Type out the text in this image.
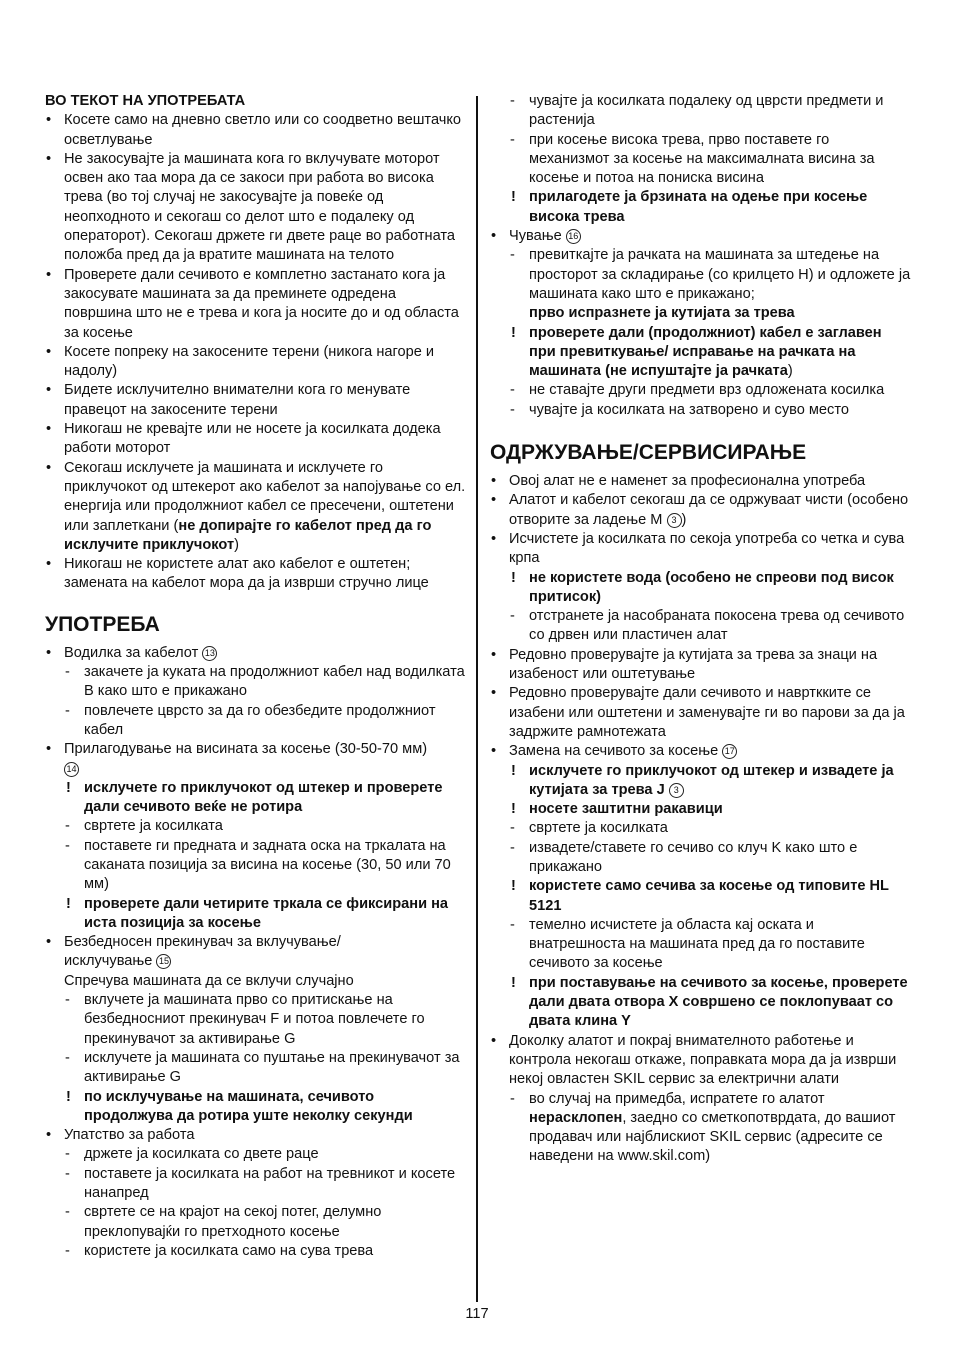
ВО ТЕКОТ НА УПОТРЕБАТА
• Косете само на дневно светло или со соодветно вештачко осветлување
• Не закосувајте ја машината кога го вклучувате моторот освен ако таа мора да се закоси при работа во висока трева (во тој случај не закосувајте ја повеќе од неопходното и секогаш со делот што е подалеку од операторот). Секогаш држете ги двете раце во работната положба пред да ја вратите машината на телото
• Проверете дали сечивото е комплетно застанато кога ја закосувате машината за да преминете одредена површина што не е трева и кога ја носите до и од областа за косење
• Косете попреку на закосените терени (никога нагоре и надолу)
• Бидете исклучително внимателни кога го менувате правецот на закосените терени
• Никогаш не кревајте или не носете ја косилката додека работи моторот
• Секогаш исклучете ја машината и исклучете го приклучокот од штекерот ако кабелот за напојување со ел. енергија или продолжниот кабел се пресечени, оштетени или заплеткани (не допирајте го кабелот пред да го исклучите приклучокот)
• Никогаш не користете алат ако кабелот е оштетен; замената на кабелот мора да ја изврши стручно лице
УПОТРЕБА
• Водилка за кабелот 13
- закачете ја куката на продолжниот кабел над водилката B како што е прикажано
- повлечете цврсто за да го обезбедите продолжниот кабел
• Прилагодување на висината за косење (30-50-70 мм)
14
! исклучете го приклучокот од штекер и проверете дали сечивото веќе не ротира
- свртете ја косилката
- поставете ги предната и задната оска на тркалата на саканата позиција за висина на косење (30, 50 или 70 мм)
! проверете дали четирите тркала се фиксирани на иста позиција за косење
• Безбедносен прекинувач за вклучување/
исклучување 15
Спречува машината да се вклучи случајно
- вклучете ја машината прво со притискање на безбедносниот прекинувач F и потоа повлечете го прекинувачот за активирање G
- исклучете ја машината со пуштање на прекинувачот за активирање G
! по исклучување на машината, сечивото продолжува да ротира уште неколку секунди
• Упатство за работа
- држете ја косилката со двете раце
- поставете ја косилката на работ на тревникот и косете нанапред
- свртете се на крајот на секој потег, делумно преклопувајќи го претходното косење
- користете ја косилката само на сува трева
- чувајте ја косилката подалеку од цврсти предмети и растенија
- при косење висока трева, прво поставете го механизмот за косење на максималната висина за косење и потоа на пониска висина
! прилагодете ја брзината на одење при косење висока трева
• Чување 16
- превиткајте ја рачката на машината за штедење на просторот за складирање (со крилцето H) и одложете ја машината како што е прикажано;
прво испразнете ја кутијата за трева
! проверете дали (продолжниот) кабел е заглавен при превиткување/ исправање на рачката на машината (не испуштајте ја рачката)
- не ставајте други предмети врз одложената косилка
- чувајте ја косилката на затворено и суво место
ОДРЖУВАЊЕ/СЕРВИСИРАЊЕ
• Овој алат не е наменет за професионална употреба
• Алатот и кабелот секогаш да се одржуваат чисти (особено отворите за ладење M 3 )
• Исчистете ја косилката по секоја употреба со четка и сува крпа
! не користете вода (особено не спреови под висок притисок)
- отстранете ја насобраната покосена трева од сечивото со дрвен или пластичен алат
• Редовно проверувајте ја кутијата за трева за знаци на изабеност или оштетување
• Редовно проверувајте дали сечивото и наврткките се изабени или оштетени и заменувајте ги во парови за да ја задржите рамнотежата
• Замена на сечивото за косење 17
! исклучете го приклучокот од штекер и извадете ја кутијата за трева J 3
! носете заштитни ракавици
- свртете ја косилката
- извадете/ставете го сечиво со клуч K како што е прикажано
! користете само сечива за косење од типовите HL 5121
- темелно исчистете ја областа кај оската и внатрешноста на машината пред да го поставите сечивото за косење
! при поставување на сечивото за косење, проверете дали двата отвора X совршено се поклопуваат со двата клина Y
• Доколку алатот и покрај внимателното работење и контрола некогаш откаже, поправката мора да ја изврши некој овластен SKIL сервис за електрични алати
- во случај на примедба, испратете го алатот нерасклопен, заедно со сметкопотврдата, до вашиот продавач или најблискиот SKIL сервис (адресите се наведени на www.skil.com)
117
